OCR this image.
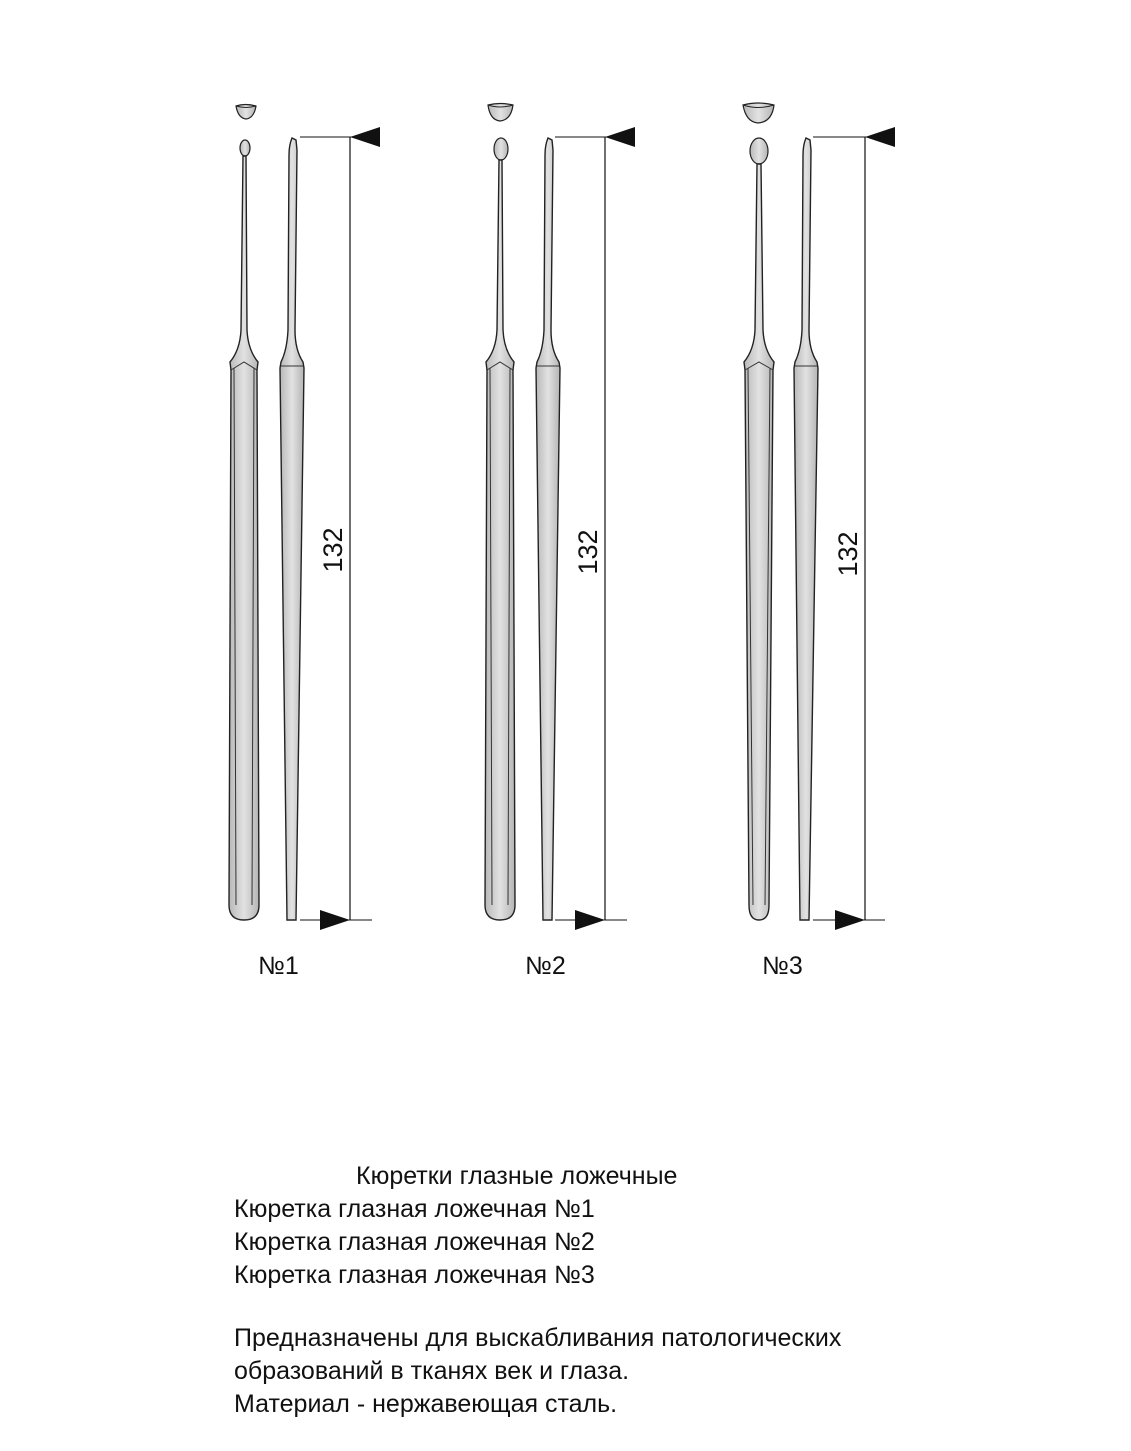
132	132	132
№1	№2	№3
Кюретки глазные ложечные
Кюретка глазная ложечная №1
Кюретка глазная ложечная №2
Кюретка глазная ложечная №3
Предназначены для выскабливания патологических
образований в тканях век и глаза.
Материал - нержавеющая сталь.
